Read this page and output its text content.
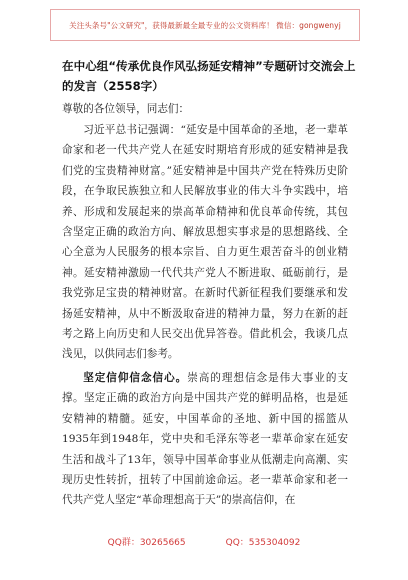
关注头条号"公文研究"，获得最新最全最专业的公文资料库！ 微信：gongwenyj
在中心组“传承优良作风弘扬延安精神”专题研讨交流会上的发言（2558字）
尊敬的各位领导，同志们：
习近平总书记强调：“延安是中国革命的圣地，老一辈革命家和老一代共产党人在延安时期培育形成的延安精神是我们党的宝贵精神财富。”延安精神是中国共产党在特殊历史阶段，在争取民族独立和人民解放事业的伟大斗争实践中，培养、形成和发展起来的崇高革命精神和优良革命传统，其包含坚定正确的政治方向、解放思想实事求是的思想路线、全心全意为人民服务的根本宗旨、自力更生艰苦奋斗的创业精神。延安精神激励一代代共产党人不断进取、砥砺前行，是我党弥足宝贵的精神财富。在新时代新征程我们要继承和发扬延安精神，从中不断汲取奋进的精神力量，努力在新的赶考之路上向历史和人民交出优异答卷。借此机会，我谈几点浅见，以供同志们参考。
坚定信仰信念信心。崇高的理想信念是伟大事业的支撑。坚定正确的政治方向是中国共产党的鲜明品格，也是延安精神的精髓。延安，中国革命的圣地、新中国的摇篮从1935年到1948年，党中央和毛泽东等老一辈革命家在延安生活和战斗了13年，领导中国革命事业从低潮走向高潮、实现历史性转折，扭转了中国前途命运。老一辈革命家和老一代共产党人坚定“革命理想高于天”的崇高信仰，在
QQ群：30265665	QQ：535304092
